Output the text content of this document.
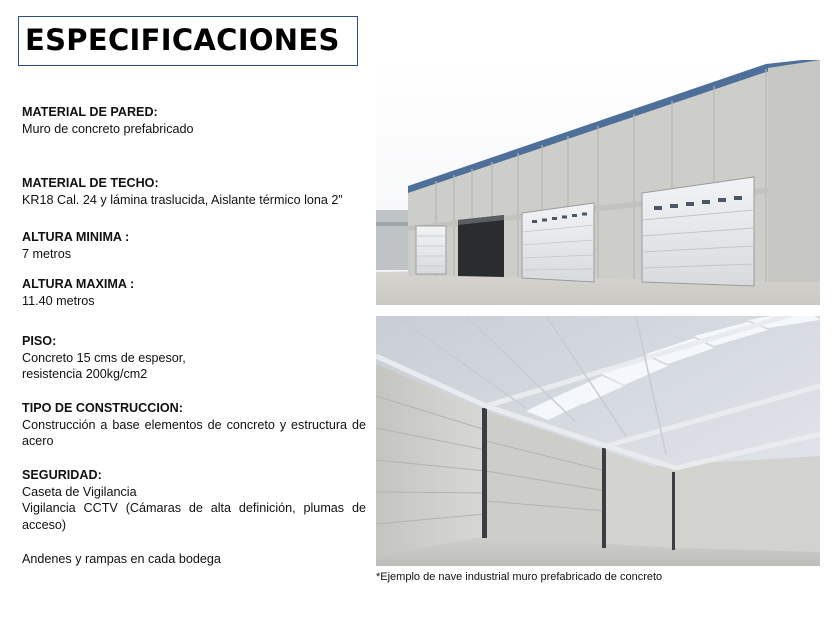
ESPECIFICACIONES
MATERIAL DE PARED:
Muro de concreto prefabricado
MATERIAL DE TECHO:
KR18 Cal. 24 y lámina traslucida, Aislante térmico lona 2”
ALTURA MINIMA :
7 metros
ALTURA MAXIMA :
11.40 metros
PISO:
Concreto 15 cms de espesor,
resistencia 200kg/cm2
TIPO DE CONSTRUCCION:
Construcción a base elementos de concreto y estructura de acero
SEGURIDAD:
Caseta de Vigilancia
Vigilancia CCTV (Cámaras de alta definición, plumas de acceso)
Andenes y rampas en cada bodega
*Ejemplo de nave industrial muro prefabricado de concreto
